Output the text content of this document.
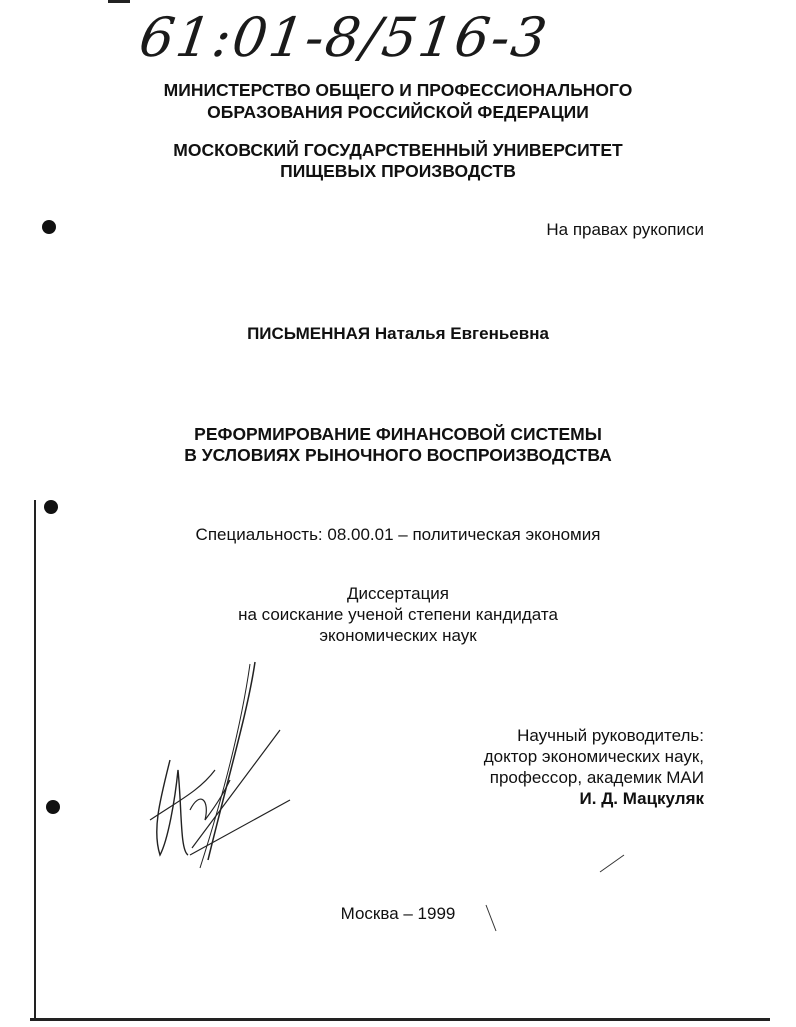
61:01-8/516-3
МИНИСТЕРСТВО ОБЩЕГО И ПРОФЕССИОНАЛЬНОГО
ОБРАЗОВАНИЯ РОССИЙСКОЙ ФЕДЕРАЦИИ
МОСКОВСКИЙ ГОСУДАРСТВЕННЫЙ УНИВЕРСИТЕТ
ПИЩЕВЫХ ПРОИЗВОДСТВ
На правах рукописи
ПИСЬМЕННАЯ Наталья Евгеньевна
РЕФОРМИРОВАНИЕ ФИНАНСОВОЙ СИСТЕМЫ
В УСЛОВИЯХ РЫНОЧНОГО ВОСПРОИЗВОДСТВА
Специальность: 08.00.01 – политическая экономия
Диссертация
на соискание ученой степени кандидата
экономических наук
Научный руководитель:
доктор экономических наук,
профессор, академик МАИ
И. Д. Мацкуляк
Москва – 1999
